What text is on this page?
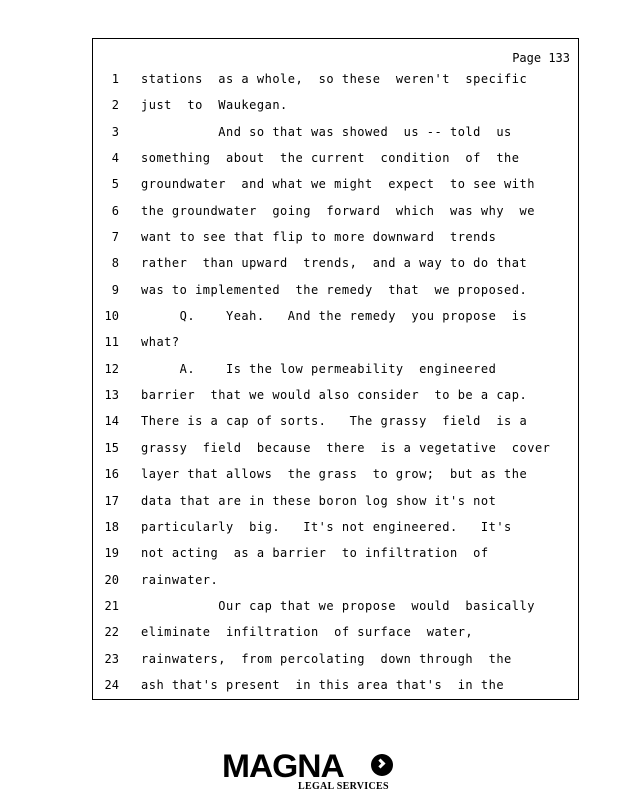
Page 133
1 stations  as a whole,  so these  weren't  specific
2 just  to  Waukegan.
3 And so that was showed  us -- told  us
4 something  about  the current  condition  of  the
5 groundwater  and what we might  expect  to see with
6 the groundwater  going  forward  which  was why  we
7 want to see that flip to more downward  trends
8 rather  than upward  trends,  and a way to do that
9 was to implemented  the remedy  that  we proposed.
10 Q.    Yeah.   And the remedy  you propose  is
11 what?
12 A.    Is the low permeability  engineered
13 barrier  that we would also consider  to be a cap.
14 There is a cap of sorts.   The grassy  field  is a
15 grassy  field  because  there  is a vegetative  cover
16 layer that allows  the grass  to grow;  but as the
17 data that are in these boron log show it's not
18 particularly  big.   It's not engineered.   It's
19 not acting  as a barrier  to infiltration  of
20 rainwater.
21 Our cap that we propose  would  basically
22 eliminate  infiltration  of surface  water,
23 rainwaters,  from percolating  down through  the
24 ash that's present  in this area that's  in the
MAGNA
LEGAL SERVICES
